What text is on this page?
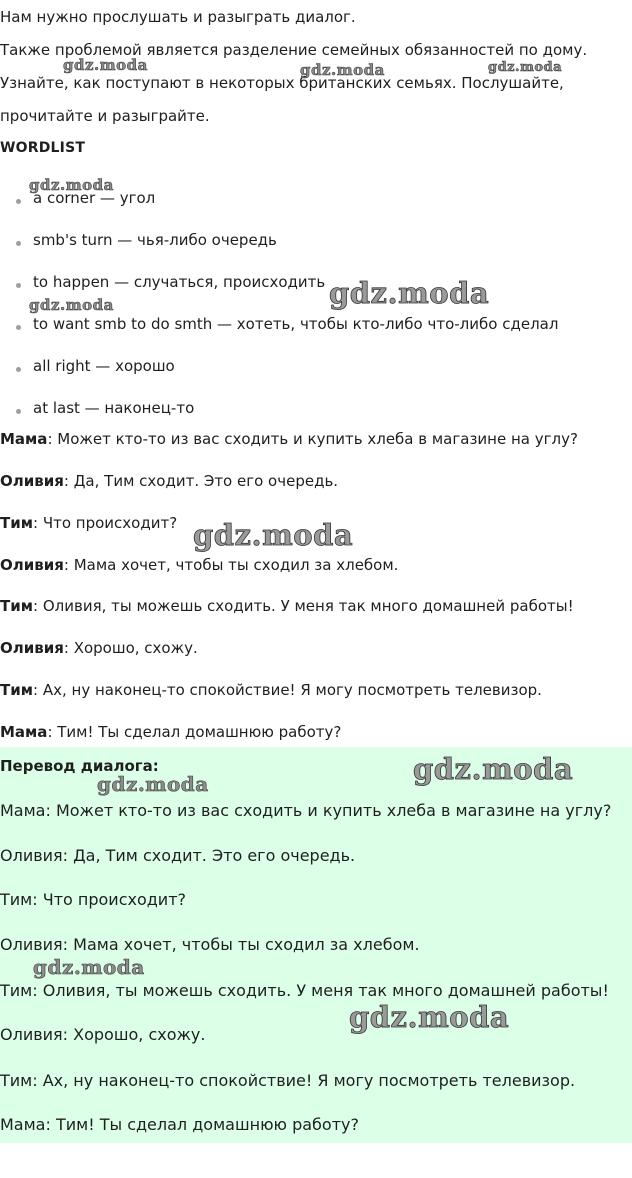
Нам нужно прослушать и разыграть диалог.
Также проблемой является разделение семейных обязанностей по дому.
Узнайте, как поступают в некоторых британских семьях. Послушайте,
прочитайте и разыграйте.
WORDLIST
a corner — угол
smb's turn — чья-либо очередь
to happen — случаться, происходить
to want smb to do smth — хотеть, чтобы кто-либо что-либо сделал
all right — хорошо
at last — наконец-то
Мама: Может кто-то из вас сходить и купить хлеба в магазине на углу?
Оливия: Да, Тим сходит. Это его очередь.
Тим: Что происходит?
Оливия: Мама хочет, чтобы ты сходил за хлебом.
Тим: Оливия, ты можешь сходить. У меня так много домашней работы!
Оливия: Хорошо, схожу.
Тим: Ах, ну наконец-то спокойствие! Я могу посмотреть телевизор.
Мама: Тим! Ты сделал домашнюю работу?
Перевод диалога:
Мама: Может кто-то из вас сходить и купить хлеба в магазине на углу?
Оливия: Да, Тим сходит. Это его очередь.
Тим: Что происходит?
Оливия: Мама хочет, чтобы ты сходил за хлебом.
Тим: Оливия, ты можешь сходить. У меня так много домашней работы!
Оливия: Хорошо, схожу.
Тим: Ах, ну наконец-то спокойствие! Я могу посмотреть телевизор.
Мама: Тим! Ты сделал домашнюю работу?
gdz.moda	gdz.moda	gdz.moda
gdz.moda
gdz.moda
gdz.moda
gdz.moda
gdz.moda	gdz.moda
gdz.moda
gdz.moda
